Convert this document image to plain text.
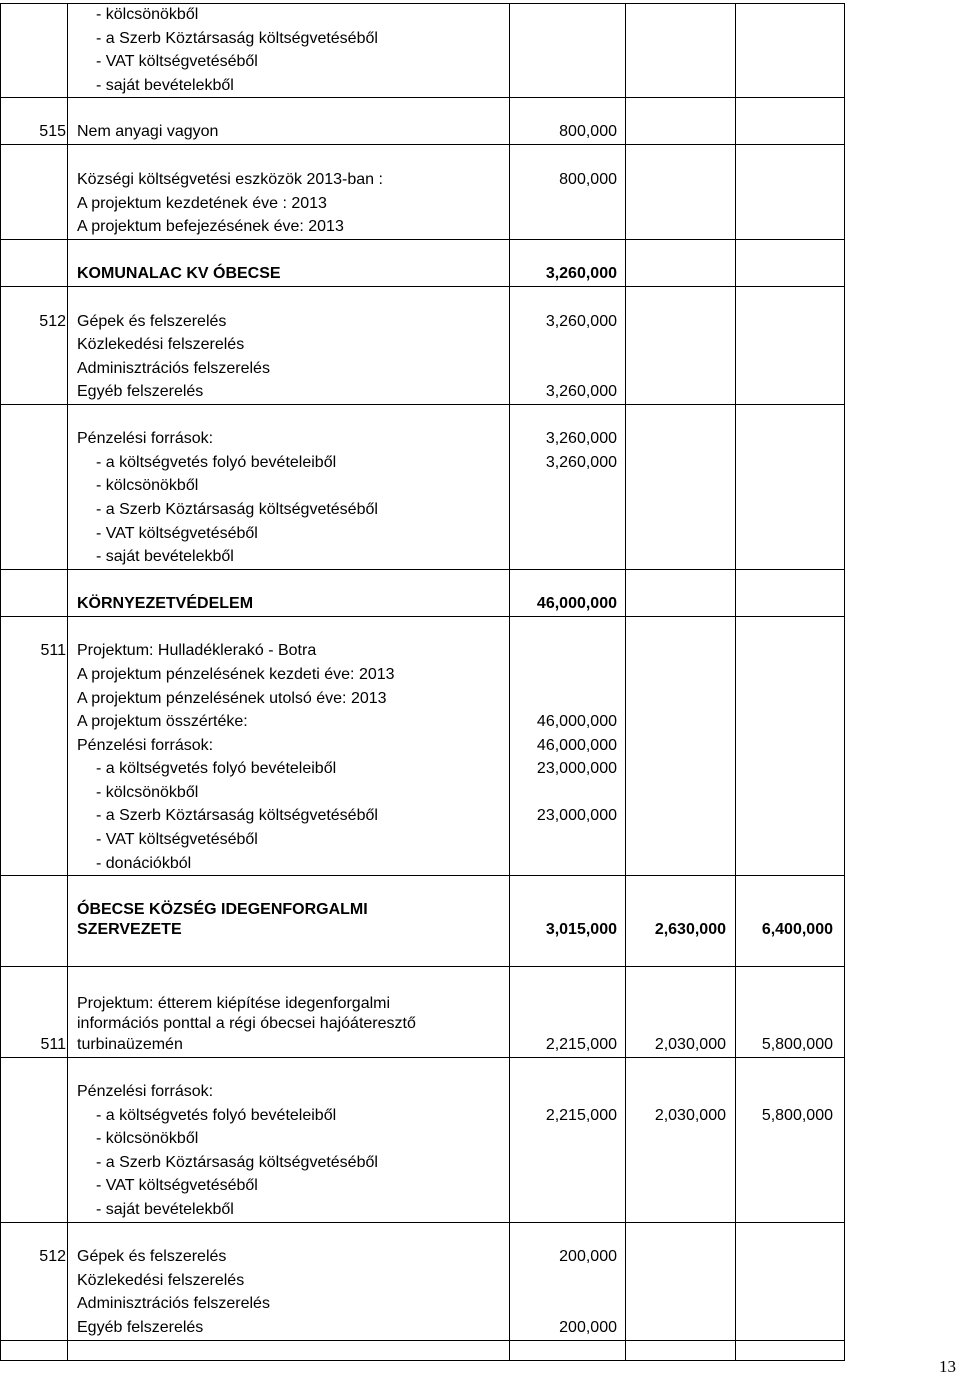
- kölcsönökből
- a Szerb Köztársaság költségvetéséből
- VAT költségvetéséből
- saját bevételekből
515 Nem anyagi vagyon	800,000
Községi költségvetési eszközök 2013-ban :	800,000
A projektum kezdetének éve : 2013
A projektum befejezésének éve: 2013
KOMUNALAC KV ÓBECSE	3,260,000
512 Gépek és felszerelés	3,260,000
Közlekedési felszerelés
Adminisztrációs felszerelés
Egyéb felszerelés	3,260,000
Pénzelési források:	3,260,000
- a költségvetés folyó bevételeiből	3,260,000
- kölcsönökből
- a Szerb Köztársaság költségvetéséből
- VAT költségvetéséből
- saját bevételekből
KÖRNYEZETVÉDELEM	46,000,000
511 Projektum: Hulladéklerakó - Botra
A projektum pénzelésének kezdeti éve: 2013
A projektum pénzelésének utolsó éve: 2013
A projektum összértéke:	46,000,000
Pénzelési források:	46,000,000
- a költségvetés folyó bevételeiből	23,000,000
- kölcsönökből
- a Szerb Köztársaság költségvetéséből	23,000,000
- VAT költségvetéséből
- donációkból
ÓBECSE KÖZSÉG IDEGENFORGALMI
SZERVEZETE	3,015,000 2,630,000 6,400,000
Projektum: étterem kiépítése idegenforgalmi
információs ponttal a régi óbecsei hajóáteresztő
511 turbinaüzemén	2,215,000 2,030,000 5,800,000
Pénzelési források:
- a költségvetés folyó bevételeiből	2,215,000 2,030,000 5,800,000
- kölcsönökből
- a Szerb Köztársaság költségvetéséből
- VAT költségvetéséből
- saját bevételekből
512 Gépek és felszerelés	200,000
Közlekedési felszerelés
Adminisztrációs felszerelés
Egyéb felszerelés	200,000
13
